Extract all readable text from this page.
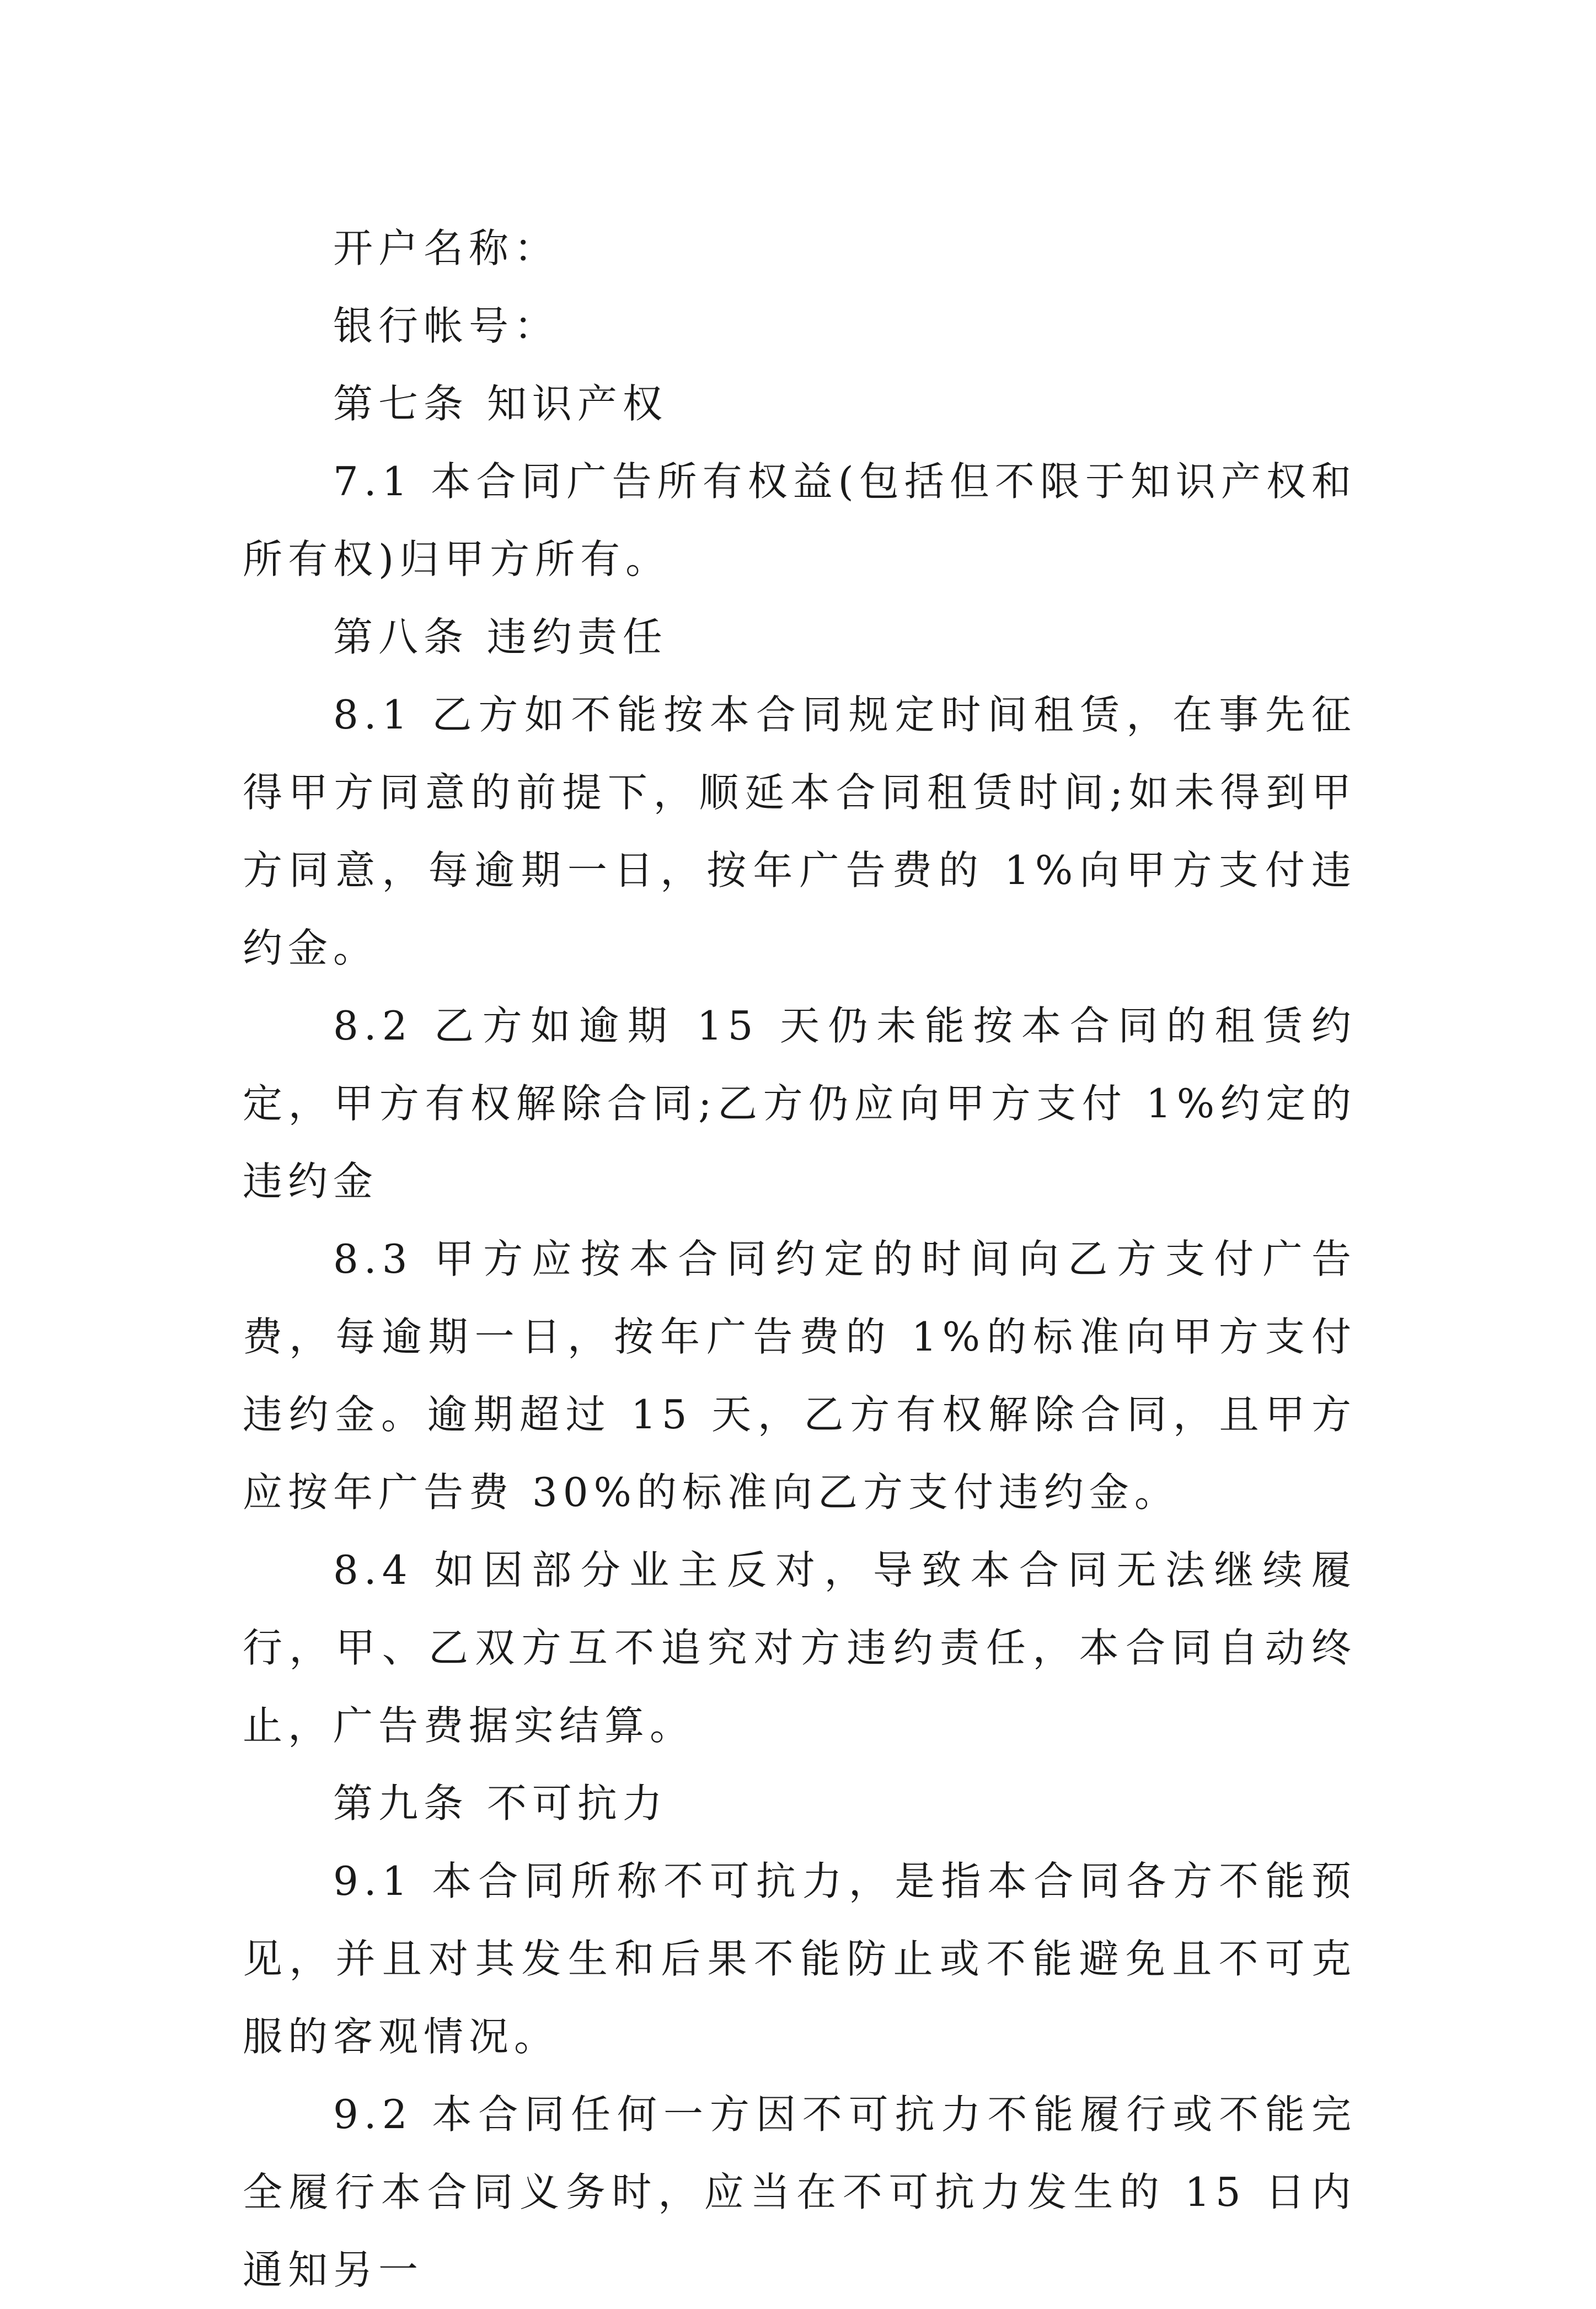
开户名称：

银行帐号：

第七条 知识产权

7.1 本合同广告所有权益(包括但不限于知识产权和所有权)归甲方所有。

第八条 违约责任

8.1 乙方如不能按本合同规定时间租赁，在事先征得甲方同意的前提下，顺延本合同租赁时间;如未得到甲方同意，每逾期一日，按年广告费的 1%向甲方支付违约金。

8.2 乙方如逾期 15 天仍未能按本合同的租赁约定，甲方有权解除合同;乙方仍应向甲方支付 1%约定的违约金

8.3 甲方应按本合同约定的时间向乙方支付广告费，每逾期一日，按年广告费的 1%的标准向甲方支付违约金。逾期超过 15 天，乙方有权解除合同，且甲方应按年广告费 30%的标准向乙方支付违约金。

8.4 如因部分业主反对，导致本合同无法继续履行，甲、乙双方互不追究对方违约责任，本合同自动终止，广告费据实结算。

第九条 不可抗力

9.1 本合同所称不可抗力，是指本合同各方不能预见，并且对其发生和后果不能防止或不能避免且不可克服的客观情况。

9.2 本合同任何一方因不可抗力不能履行或不能完全履行本合同义务时，应当在不可抗力发生的 15 日内通知另一
